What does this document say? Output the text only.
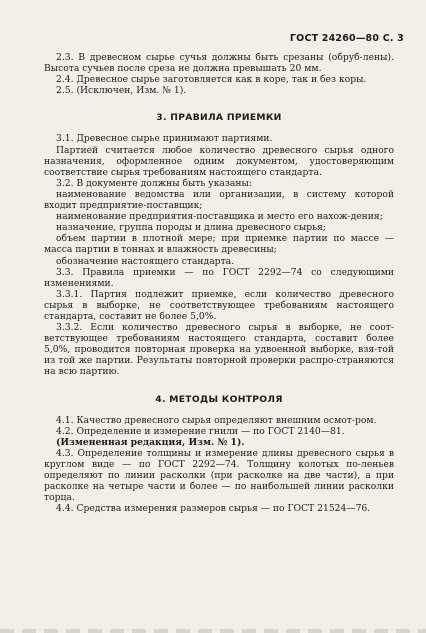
ГОСТ 24260—80 С. 3

2.3. В древесном сырье сучья должны быть срезаны (обруб-лены). Высота сучьев после среза не должна превышать 20 мм.

2.4. Древесное сырье заготовляется как в коре, так и без коры.

2.5. (Исключен, Изм. № 1).

3. ПРАВИЛА ПРИЕМКИ

3.1. Древесное сырье принимают партиями.

Партией считается любое количество древесного сырья одного назначения, оформленное одним документом, удостоверяющим соответствие сырья требованиям настоящего стандарта.

3.2. В документе должны быть указаны:

наименование ведомства или организации, в систему которой входит предприятие-поставщик;

наименование предприятия-поставщика и место его нахож-дения;

назначение, группа породы и длина древесного сырья;

объем партии в плотной мере; при приемке партии по массе — масса партии в тоннах и влажность древесины;

обозначение настоящего стандарта.

3.3. Правила приемки — по ГОСТ 2292—74 со следующими изменениями.

3.3.1. Партия подлежит приемке, если количество древесного сырья в выборке, не соответствующее требованиям настоящего стандарта, составит не более 5,0%.

3.3.2. Если количество древесного сырья в выборке, не соот-ветствующее требованиям настоящего стандарта, составит более 5,0%, проводится повторная проверка на удвоенной выборке, взя-той из той же партии. Результаты повторной проверки распро-страняются на всю партию.

4. МЕТОДЫ КОНТРОЛЯ

4.1. Качество древесного сырья определяют внешним осмот-ром.

4.2. Определение и измерение гнили — по ГОСТ 2140—81.

(Измененная редакция, Изм. № 1).

4.3. Определение толщины и измерение длины древесного сырья в круглом виде — по ГОСТ 2292—74. Толщину колотых по-леньев определяют по линии расколки (при расколке на две части), а при расколке на четыре части и более — по наибольшей линии расколки торца.

4.4. Средства измерения размеров сырья — по ГОСТ 21524—76.
